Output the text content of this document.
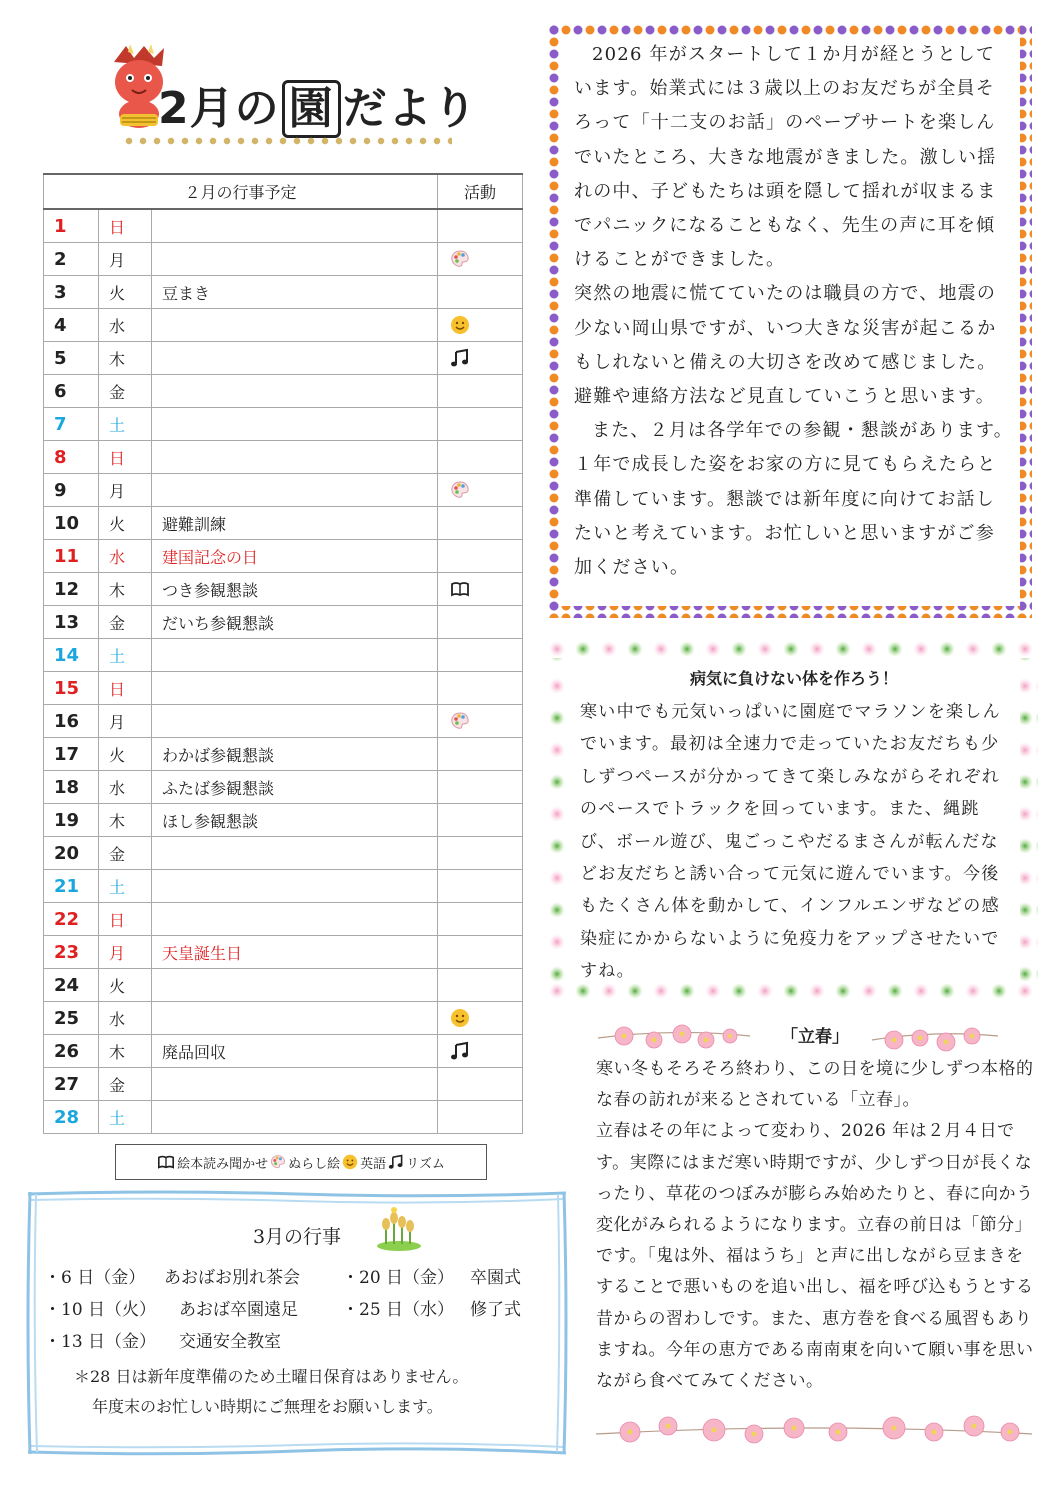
2月の 園 だより
２月の行事予定			活動
1	日		
2	月		
3	火	豆まき	
4	水		
5	木		
6	金		
7	土		
8	日		
9	月		
10	火	避難訓練	
11	水	建国記念の日	
12	木	つき参観懇談	
13	金	だいち参観懇談	
14	土		
15	日		
16	月		
17	火	わかば参観懇談	
18	水	ふたば参観懇談	
19	木	ほし参観懇談	
20	金		
21	土		
22	日		
23	月	天皇誕生日	
24	火		
25	水		
26	木	廃品回収	
27	金		
28	土		
絵本読み聞かせ ぬらし絵 英語 リズム
3月の行事
・6 日（金） あおばお別れ茶会
・10 日（火） あおば卒園遠足
・13 日（金） 交通安全教室
・20 日（金） 卒園式
・25 日（水） 修了式
＊28 日は新年度準備のため土曜日保育はありません。
年度末のお忙しい時期にご無理をお願いします。

2026 年がスタートして１か月が経とうとしています。始業式には３歳以上のお友だちが全員そろって「十二支のお話」のペープサートを楽しんでいたところ、大きな地震がきました。激しい揺れの中、子どもたちは頭を隠して揺れが収まるまでパニックになることもなく、先生の声に耳を傾けることができました。

突然の地震に慌てていたのは職員の方で、地震の少ない岡山県ですが、いつ大きな災害が起こるかもしれないと備えの大切さを改めて感じました。避難や連絡方法など見直していこうと思います。

また、２月は各学年での参観・懇談があります。１年で成長した姿をお家の方に見てもらえたらと準備しています。懇談では新年度に向けてお話したいと考えています。お忙しいと思いますがご参加ください。

病気に負けない体を作ろう！
寒い中でも元気いっぱいに園庭でマラソンを楽しんでいます。最初は全速力で走っていたお友だちも少しずつペースが分かってきて楽しみながらそれぞれのペースでトラックを回っています。また、縄跳び、ボール遊び、鬼ごっこやだるまさんが転んだなどお友だちと誘い合って元気に遊んでいます。今後もたくさん体を動かして、インフルエンザなどの感染症にかからないように免疫力をアップさせたいですね。
「立春」

寒い冬もそろそろ終わり、この日を境に少しずつ本格的な春の訪れが来るとされている「立春」。

立春はその年によって変わり、2026 年は２月４日です。実際にはまだ寒い時期ですが、少しずつ日が長くなったり、草花のつぼみが膨らみ始めたりと、春に向かう変化がみられるようになります。立春の前日は「節分」です。「鬼は外、福はうち」と声に出しながら豆まきをすることで悪いものを追い出し、福を呼び込もうとする昔からの習わしです。また、恵方巻を食べる風習もありますね。今年の恵方である南南東を向いて願い事を思いながら食べてみてください。
